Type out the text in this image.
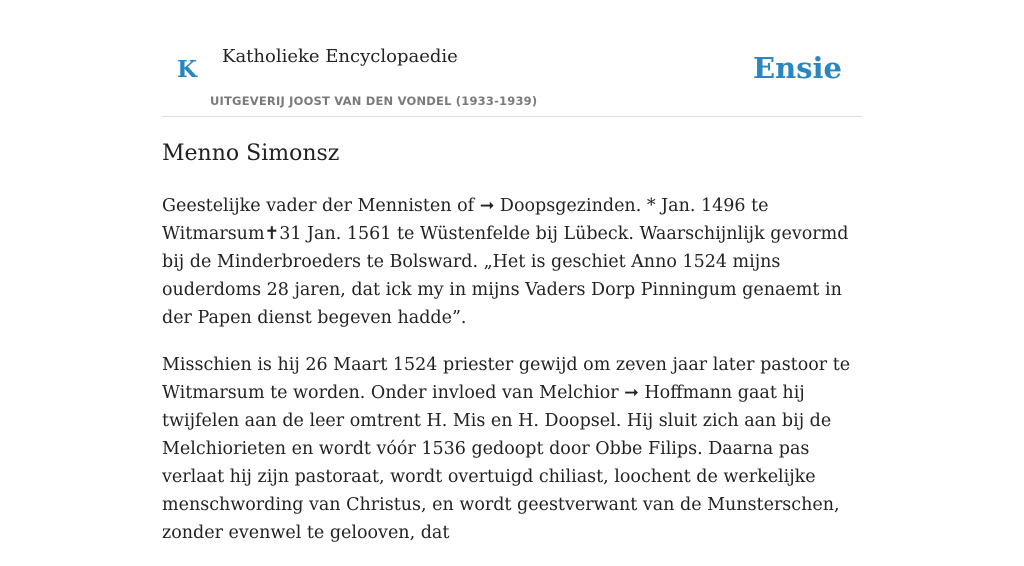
K Katholieke Encyclopaedie
UITGEVERIJ JOOST VAN DEN VONDEL (1933-1939)
Ensie
Menno Simonsz

Geestelijke vader der Mennisten of ➞ Doopsgezinden. * Jan. 1496 te Witmarsum✝31 Jan. 1561 te Wüstenfelde bij Lübeck. Waarschijnlijk gevormd bij de Minderbroeders te Bolsward. „Het is geschiet Anno 1524 mijns ouderdoms 28 jaren, dat ick my in mijns Vaders Dorp Pinningum genaemt in der Papen dienst begeven hadde”.

Misschien is hij 26 Maart 1524 priester gewijd om zeven jaar later pastoor te Witmarsum te worden. Onder invloed van Melchior ➞ Hoffmann gaat hij twijfelen aan de leer omtrent H. Mis en H. Doopsel. Hij sluit zich aan bij de Melchiorieten en wordt vóór 1536 gedoopt door Obbe Filips. Daarna pas verlaat hij zijn pastoraat, wordt overtuigd chiliast, loochent de werkelijke menschwording van Christus, en wordt geestverwant van de Munsterschen, zonder evenwel te gelooven, dat
